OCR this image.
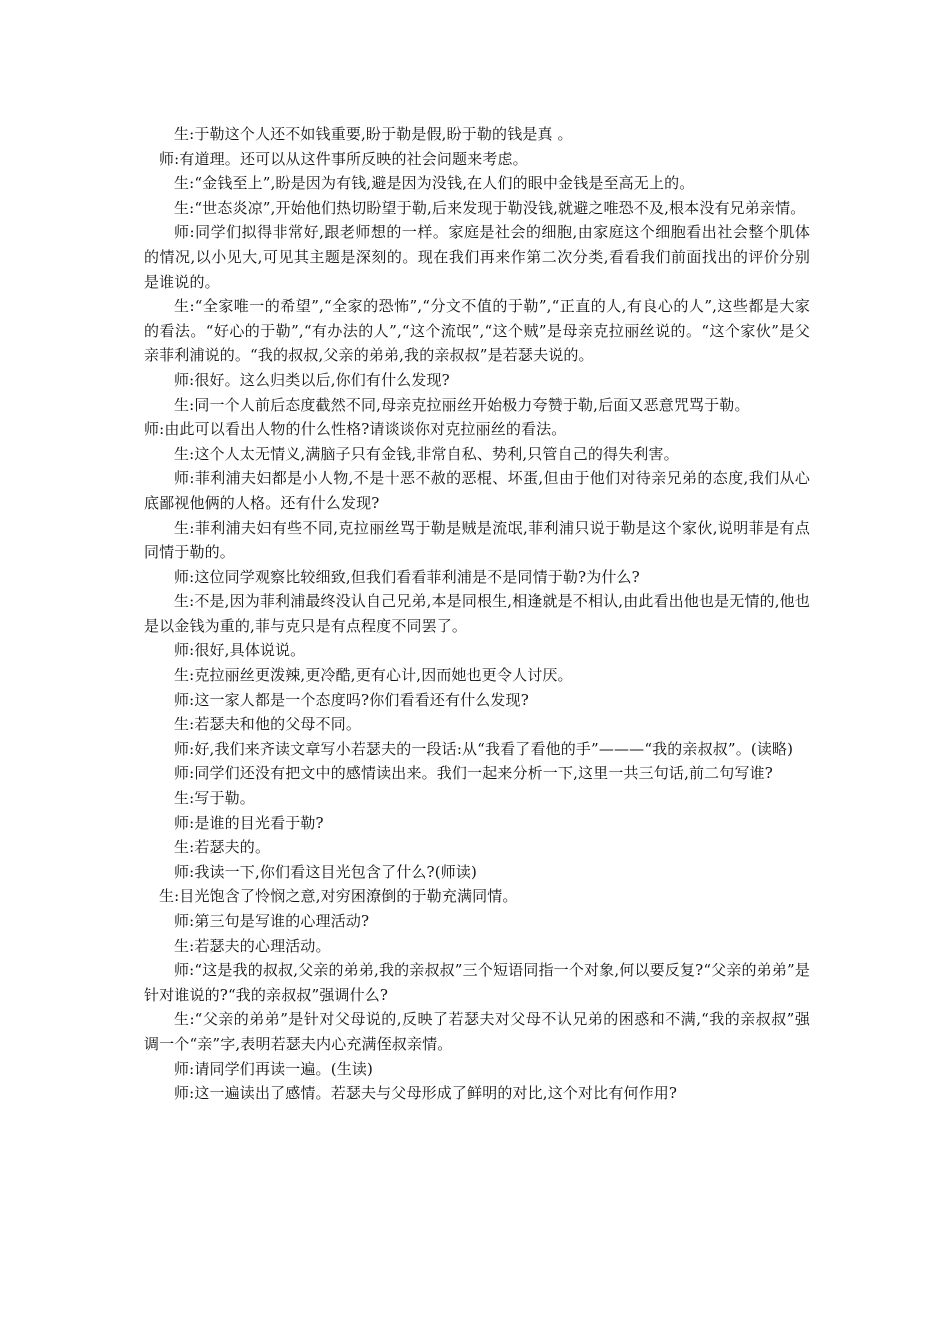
生:于勒这个人还不如钱重要,盼于勒是假,盼于勒的钱是真 。

师:有道理。还可以从这件事所反映的社会问题来考虑。

生:“金钱至上”,盼是因为有钱,避是因为没钱,在人们的眼中金钱是至高无上的。

生:“世态炎凉”,开始他们热切盼望于勒,后来发现于勒没钱,就避之唯恐不及,根本没有兄弟亲情。

师:同学们拟得非常好,跟老师想的一样。家庭是社会的细胞,由家庭这个细胞看出社会整个肌体的情况,以小见大,可见其主题是深刻的。现在我们再来作第二次分类,看看我们前面找出的评价分别是谁说的。

生:“全家唯一的希望”,“全家的恐怖”,“分文不值的于勒”,“正直的人,有良心的人”,这些都是大家的看法。“好心的于勒”,“有办法的人”,“这个流氓”,“这个贼”是母亲克拉丽丝说的。“这个家伙”是父亲菲利浦说的。“我的叔叔,父亲的弟弟,我的亲叔叔”是若瑟夫说的。

师:很好。这么归类以后,你们有什么发现?

生:同一个人前后态度截然不同,母亲克拉丽丝开始极力夸赞于勒,后面又恶意咒骂于勒。

师:由此可以看出人物的什么性格?请谈谈你对克拉丽丝的看法。

生:这个人太无情义,满脑子只有金钱,非常自私、势利,只管自己的得失利害。

师:菲利浦夫妇都是小人物,不是十恶不赦的恶棍、坏蛋,但由于他们对待亲兄弟的态度,我们从心底鄙视他俩的人格。还有什么发现?

生:菲利浦夫妇有些不同,克拉丽丝骂于勒是贼是流氓,菲利浦只说于勒是这个家伙,说明菲是有点同情于勒的。

师:这位同学观察比较细致,但我们看看菲利浦是不是同情于勒?为什么?

生:不是,因为菲利浦最终没认自己兄弟,本是同根生,相逢就是不相认,由此看出他也是无情的,他也是以金钱为重的,菲与克只是有点程度不同罢了。

师:很好,具体说说。

生:克拉丽丝更泼辣,更冷酷,更有心计,因而她也更令人讨厌。

师:这一家人都是一个态度吗?你们看看还有什么发现?

生:若瑟夫和他的父母不同。

师:好,我们来齐读文章写小若瑟夫的一段话:从“我看了看他的手”———“我的亲叔叔”。(读略)

师:同学们还没有把文中的感情读出来。我们一起来分析一下,这里一共三句话,前二句写谁?

生:写于勒。

师:是谁的目光看于勒?

生:若瑟夫的。

师:我读一下,你们看这目光包含了什么?(师读)

生:目光饱含了怜悯之意,对穷困潦倒的于勒充满同情。

师:第三句是写谁的心理活动?

生:若瑟夫的心理活动。

师:“这是我的叔叔,父亲的弟弟,我的亲叔叔”三个短语同指一个对象,何以要反复?“父亲的弟弟”是针对谁说的?“我的亲叔叔”强调什么?

生:“父亲的弟弟”是针对父母说的,反映了若瑟夫对父母不认兄弟的困惑和不满,“我的亲叔叔”强调一个“亲”字,表明若瑟夫内心充满侄叔亲情。

师:请同学们再读一遍。(生读)

师:这一遍读出了感情。若瑟夫与父母形成了鲜明的对比,这个对比有何作用?
